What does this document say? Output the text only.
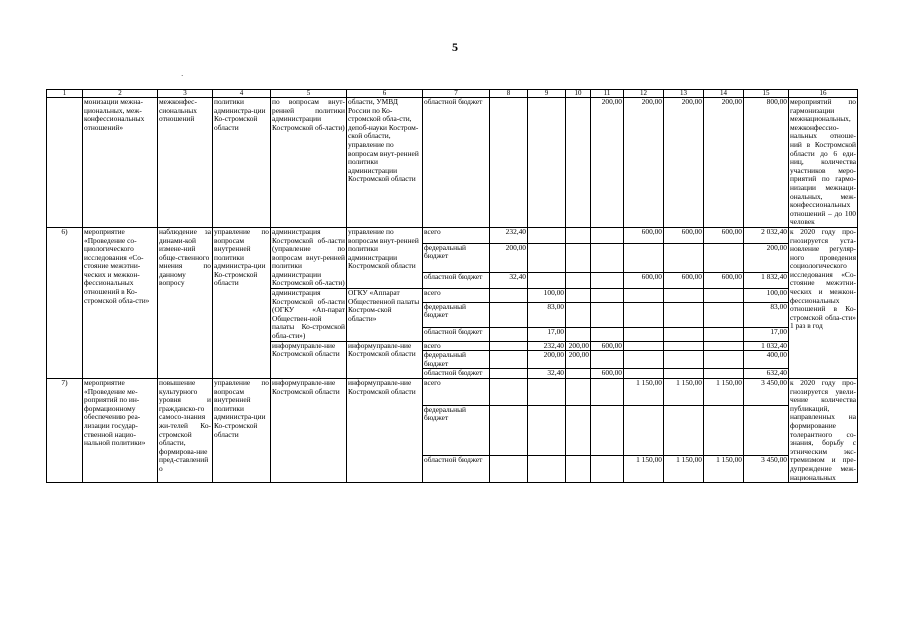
5
·
1	2	3	4	5	6	7	8	9	10	11	12	13	14	15	16
	монизации межна-циональных, меж-конфессиональных отношений»	межконфес-сиональных отношений	политики администра-ции Ко-стромской области	по вопросам внут-ренней политики администрации Костромской об-ласти)	области, УМВД России по Ко-стромской обла-сти, депоб-науки Костром-ской области, управление по вопросам внут-ренней политики администрации Костромской области	областной бюджет				200,00	200,00	200,00	200,00	800,00	мероприятий по гармонизации межнациональных, межконфессио-нальных отноше-ний в Костромской области до 6 еди-ниц, количества участников меро-приятий по гармо-низации межнаци-ональных, меж-конфессиональных отношений – до 100 человек
6)	мероприятие «Проведение со-циологического исследования «Со-стояние межэтни-ческих и межкон-фессиональных отношений в Ко-стромской обла-сти»	наблюдение за динами-кой измене-ний обще-ственного мнения по данному вопросу	управление по вопросам внутренней политики администра-ции Ко-стромской области	администрация Костромской об-ласти (управление по вопросам внут-ренней политики администрации Костромской об-ласти)	управление по вопросам внут-ренней политики администрации Костромской области	всего	232,40				600,00	600,00	600,00	2 032,40	к 2020 году про-гнозируется уста-новление регуляр-ного проведения социологического исследования «Со-стояние межэтни-ческих и межкон-фессиональных отношений в Ко-стромской обла-сти» 1 раз в год
						федеральный бюджет	200,00							200,00	
						областной бюджет	32,40				600,00	600,00	600,00	1 832,40	
				администрация Костромской об-ласти (ОГКУ «Ап-парат Обществен-ной палаты Ко-стромской обла-сти»)	ОГКУ «Аппарат Общественной палаты Костром-ской области»	всего		100,00						100,00	
						федеральный бюджет		83,00						83,00	
						областной бюджет		17,00						17,00	
				информуправле-ние Костромской области	информуправле-ние Костромской области	всего		232,40	200,00	600,00				1 032,40	
						федеральный бюджет		200,00	200,00					400,00	
						областной бюджет		32,40		600,00				632,40	
7)	мероприятие «Проведение ме-роприятий по ин-формационному обеспечению реа-лизации государ-ственной нацио-нальной политики»	повышение культурного уровня и гражданско-го самосо-знания жи-телей Ко-стромской области, формирова-ние пред-ставлений о	управление по вопросам внутренней политики администра-ции Ко-стромской области	информуправле-ние Костромской области	информуправле-ние Костромской области	всего					1 150,00	1 150,00	1 150,00	3 450,00	к 2020 году про-гнозируется увели-чение количества публикаций, направленных на формирование толерантного со-знания, борьбу с этническим экс-тремизмом и пре-дупреждение меж-национальных
						федеральный бюджет									
						областной бюджет					1 150,00	1 150,00	1 150,00	3 450,00	
